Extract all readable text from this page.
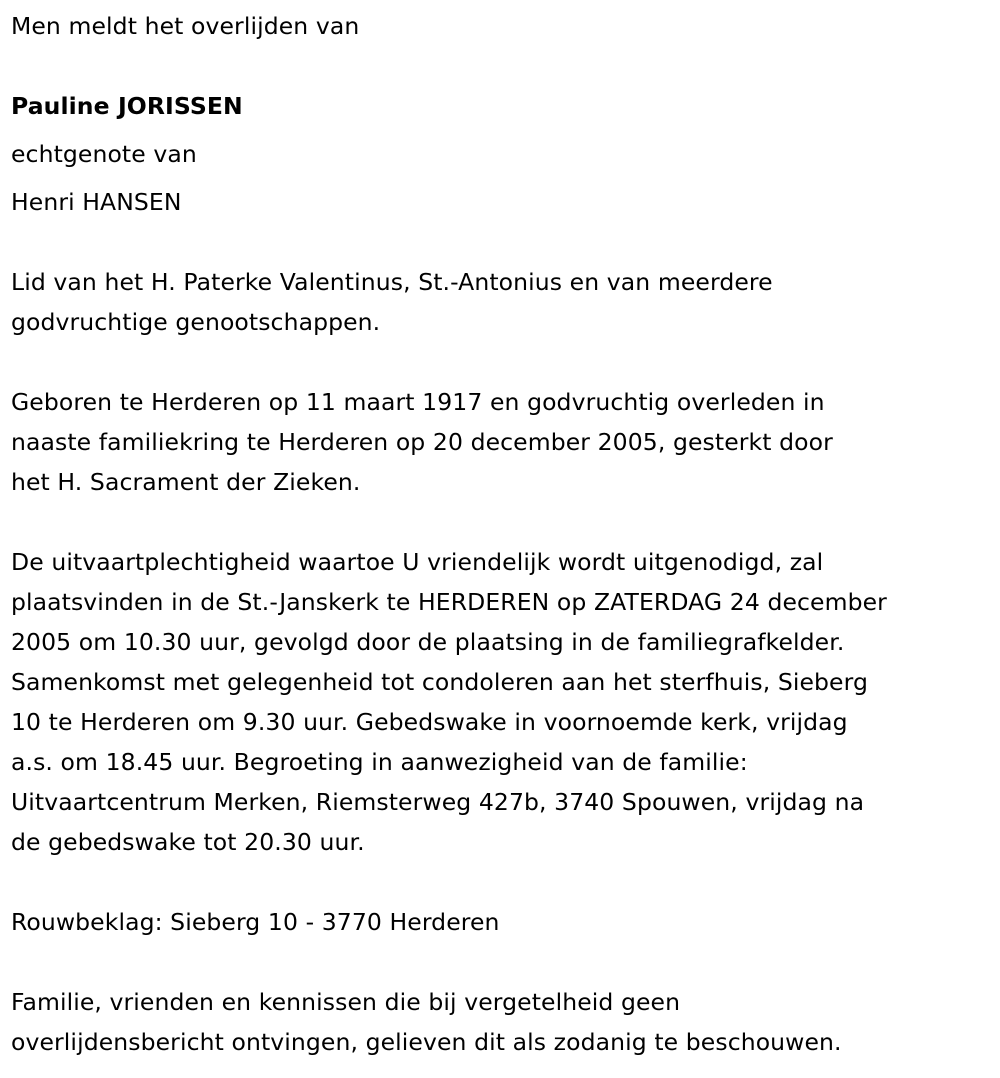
Men meldt het overlijden van
Pauline JORISSEN
echtgenote van
Henri HANSEN
Lid van het H. Paterke Valentinus, St.-Antonius en van meerdere
godvruchtige genootschappen.
Geboren te Herderen op 11 maart 1917 en godvruchtig overleden in
naaste familiekring te Herderen op 20 december 2005, gesterkt door
het H. Sacrament der Zieken.
De uitvaartplechtigheid waartoe U vriendelijk wordt uitgenodigd, zal
plaatsvinden in de St.-Janskerk te HERDEREN op ZATERDAG 24 december
2005 om 10.30 uur, gevolgd door de plaatsing in de familiegrafkelder.
Samenkomst met gelegenheid tot condoleren aan het sterfhuis, Sieberg
10 te Herderen om 9.30 uur. Gebedswake in voornoemde kerk, vrijdag
a.s. om 18.45 uur. Begroeting in aanwezigheid van de familie:
Uitvaartcentrum Merken, Riemsterweg 427b, 3740 Spouwen, vrijdag na
de gebedswake tot 20.30 uur.
Rouwbeklag: Sieberg 10 - 3770 Herderen
Familie, vrienden en kennissen die bij vergetelheid geen
overlijdensbericht ontvingen, gelieven dit als zodanig te beschouwen.
